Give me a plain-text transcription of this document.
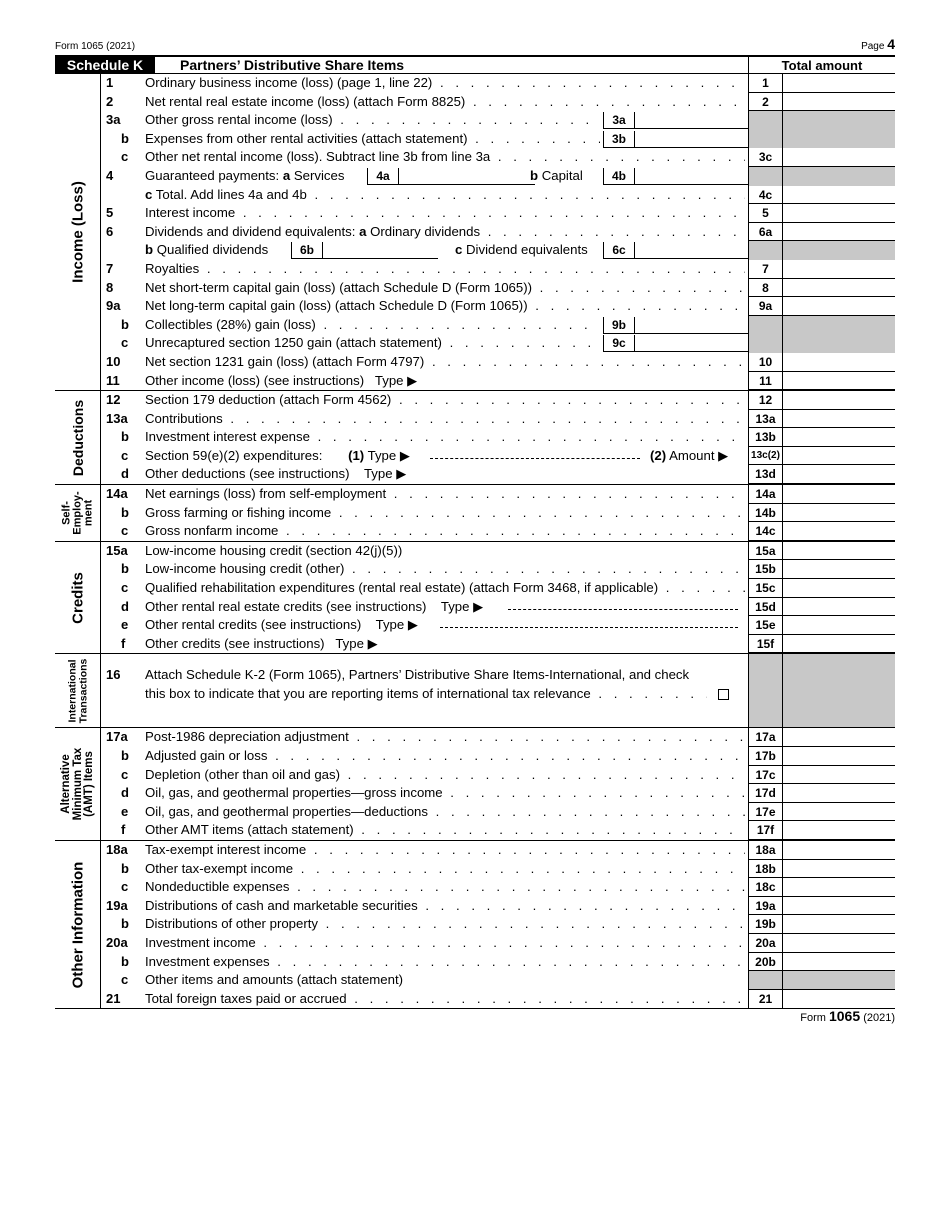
Form 1065 (2021)	Page 4
Schedule K	Partners’ Distributive Share Items	Total amount
Income (Loss)
1	Ordinary business income (loss) (page 1, line 22) . . .	1
2	Net rental real estate income (loss) (attach Form 8825) . . .	2
3a	Other gross rental income (loss) . . .	3a
b	Expenses from other rental activities (attach statement) . . .	3b
c	Other net rental income (loss). Subtract line 3b from line 3a . . .	3c
4	Guaranteed payments: a Services	4a	b Capital	4b
c Total. Add lines 4a and 4b . . .	4c
5	Interest income . . .	5
6	Dividends and dividend equivalents: a Ordinary dividends . . .	6a
b Qualified dividends	6b	c Dividend equivalents	6c
7	Royalties . . .	7
8	Net short-term capital gain (loss) (attach Schedule D (Form 1065)) . . .	8
9a	Net long-term capital gain (loss) (attach Schedule D (Form 1065)) . . .	9a
b	Collectibles (28%) gain (loss) . . .	9b
c	Unrecaptured section 1250 gain (attach statement) . . .	9c
10	Net section 1231 gain (loss) (attach Form 4797) . . .	10
11	Other income (loss) (see instructions) Type ▶	11
Deductions 12	Section 179 deduction (attach Form 4562) . . .	12
13a	Contributions . . .	13a
b	Investment interest expense . . .	13b
c	Section 59(e)(2) expenditures: (1) Type ▶	(2) Amount ▶	13c(2)
d	Other deductions (see instructions) Type ▶	13d
Self-
Employ-
ment
14a	Net earnings (loss) from self-employment . . .	14a
b	Gross farming or fishing income . . .	14b
c	Gross nonfarm income . . .	14c
Credits
15a	Low-income housing credit (section 42(j)(5))	15a
b	Low-income housing credit (other) . . .	15b
c	Qualified rehabilitation expenditures (rental real estate) (attach Form 3468, if applicable) . . .	15c
d	Other rental real estate credits (see instructions) Type ▶	15d
e	Other rental credits (see instructions) Type ▶	15e
f	Other credits (see instructions) Type ▶	15f
International
Transactions 16	Attach Schedule K-2 (Form 1065), Partners’ Distributive Share Items-International, and check
this box to indicate that you are reporting items of international tax relevance . . .
Alternative
Minimum Tax
(AMT) Items
17a	Post-1986 depreciation adjustment . . .	17a
b	Adjusted gain or loss . . .	17b
c	Depletion (other than oil and gas) . . .	17c
d	Oil, gas, and geothermal properties—gross income . . .	17d
e	Oil, gas, and geothermal properties—deductions . . .	17e
f	Other AMT items (attach statement) . . .	17f
Other Information
18a	Tax-exempt interest income . . .	18a
b	Other tax-exempt income . . .	18b
c	Nondeductible expenses . . .	18c
19a	Distributions of cash and marketable securities . . .	19a
b	Distributions of other property . . .	19b
20a	Investment income . . .	20a
b	Investment expenses . . .	20b
c	Other items and amounts (attach statement)
21	Total foreign taxes paid or accrued . . .	21
Form 1065 (2021)
